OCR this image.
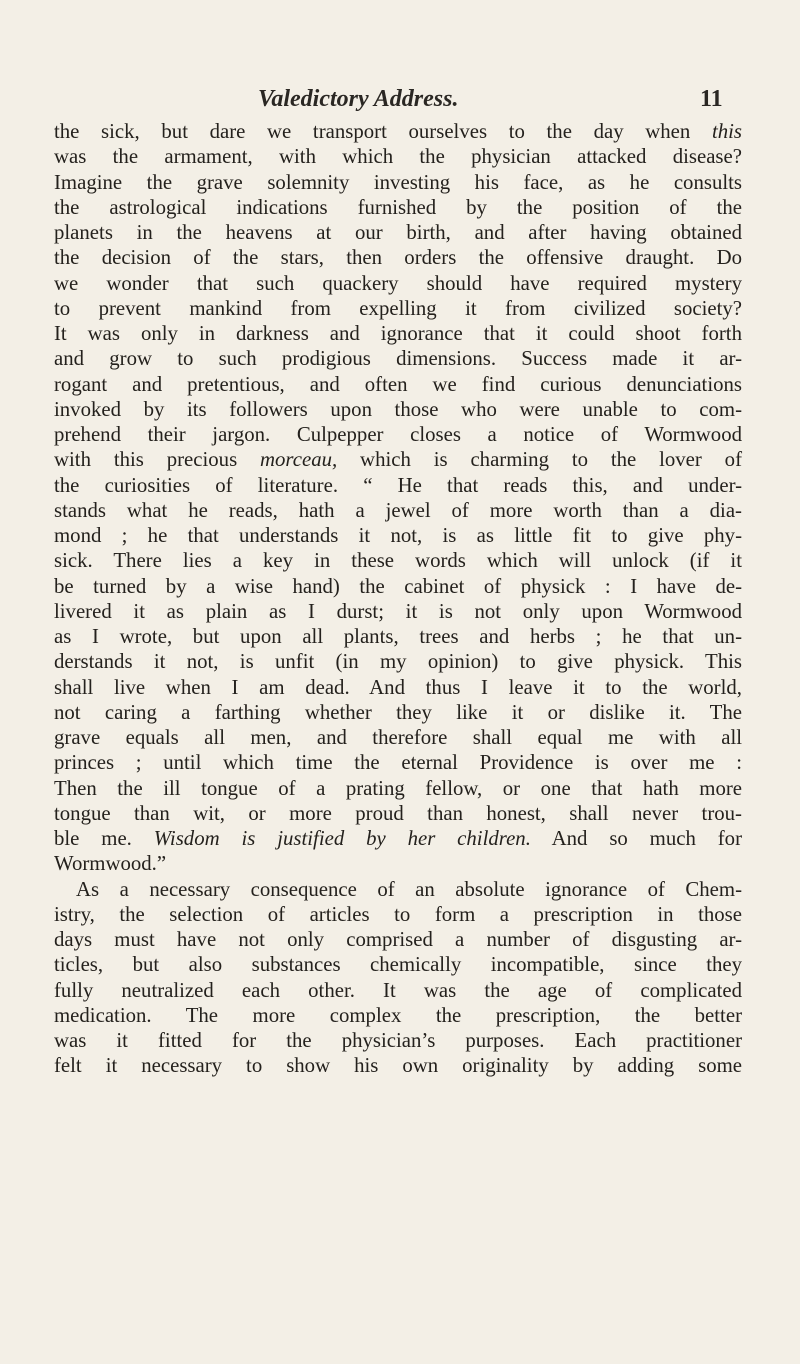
Valedictory Address.	11
the sick, but dare we transport ourselves to the day when this
was the armament, with which the physician attacked disease?
Imagine the grave solemnity investing his face, as he consults
the astrological indications furnished by the position of the
planets in the heavens at our birth, and after having obtained
the decision of the stars, then orders the offensive draught. Do
we wonder that such quackery should have required mystery
to prevent mankind from expelling it from civilized society?
It was only in darkness and ignorance that it could shoot forth
and grow to such prodigious dimensions. Success made it ar-
rogant and pretentious, and often we find curious denunciations
invoked by its followers upon those who were unable to com-
prehend their jargon. Culpepper closes a notice of Wormwood
with this precious morceau, which is charming to the lover of
the curiosities of literature. “ He that reads this, and under-
stands what he reads, hath a jewel of more worth than a dia-
mond ; he that understands it not, is as little fit to give phy-
sick. There lies a key in these words which will unlock (if it
be turned by a wise hand) the cabinet of physick : I have de-
livered it as plain as I durst; it is not only upon Wormwood
as I wrote, but upon all plants, trees and herbs ; he that un-
derstands it not, is unfit (in my opinion) to give physick. This
shall live when I am dead. And thus I leave it to the world,
not caring a farthing whether they like it or dislike it. The
grave equals all men, and therefore shall equal me with all
princes ; until which time the eternal Providence is over me :
Then the ill tongue of a prating fellow, or one that hath more
tongue than wit, or more proud than honest, shall never trou-
ble me. Wisdom is justified by her children. And so much for
Wormwood.”
As a necessary consequence of an absolute ignorance of Chem-
istry, the selection of articles to form a prescription in those
days must have not only comprised a number of disgusting ar-
ticles, but also substances chemically incompatible, since they
fully neutralized each other. It was the age of complicated
medication. The more complex the prescription, the better
was it fitted for the physician’s purposes. Each practitioner
felt it necessary to show his own originality by adding some
